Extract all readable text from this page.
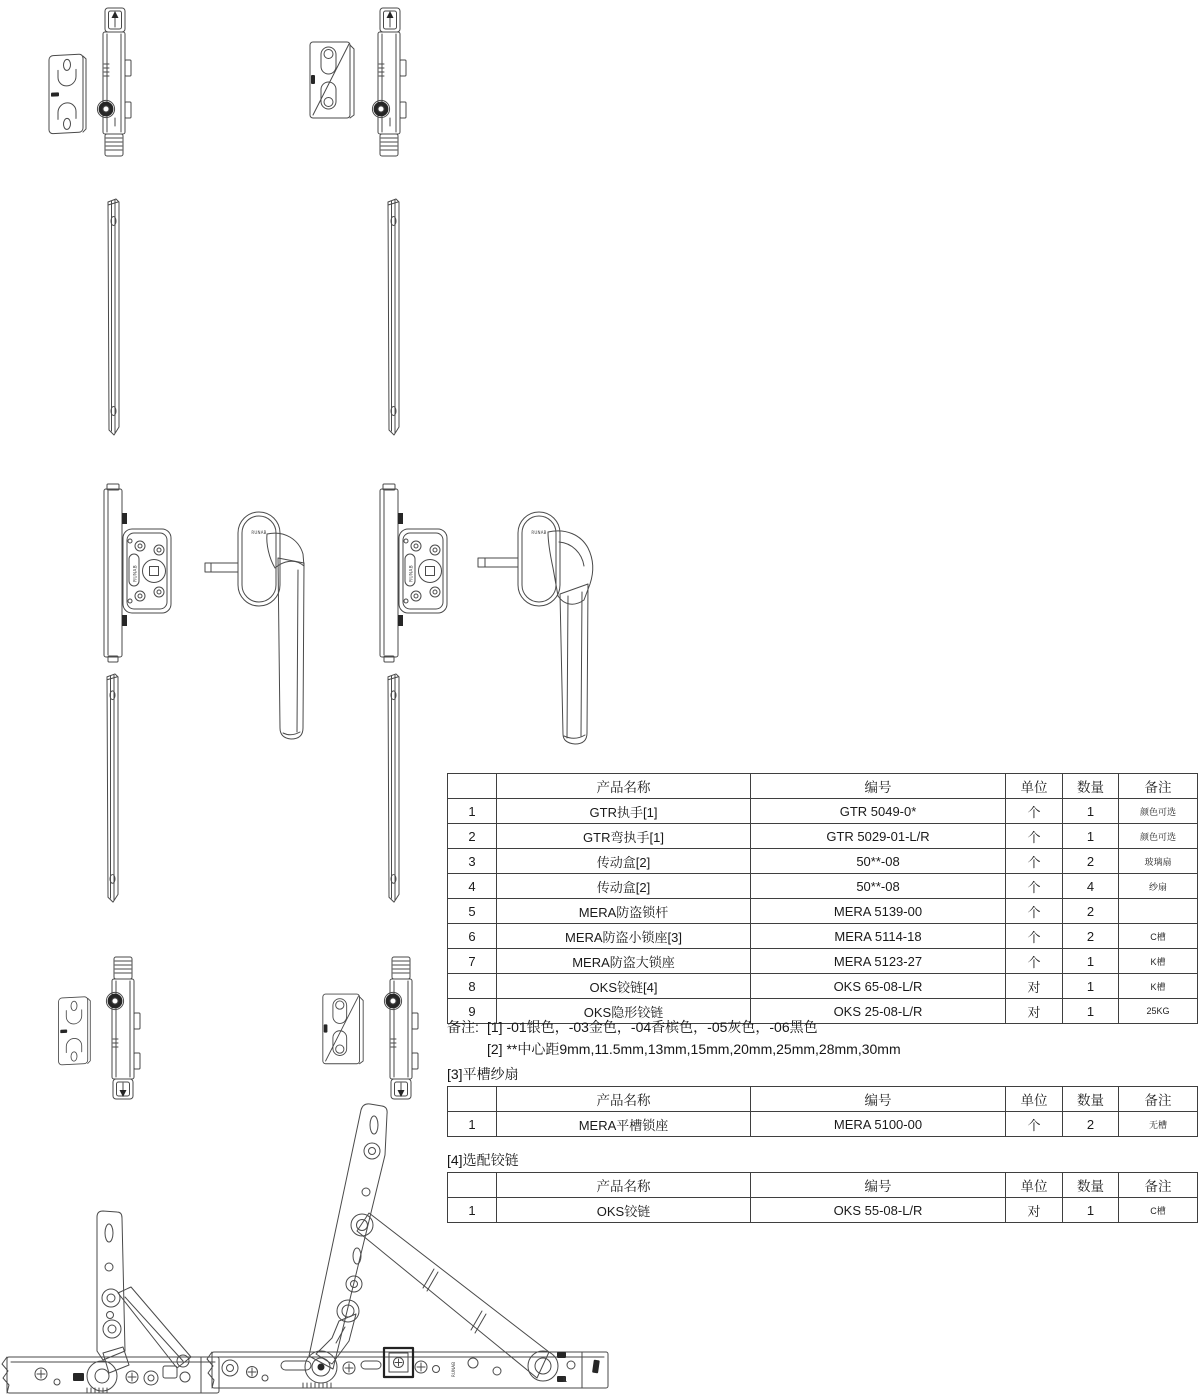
RUNAB	RUNAB
RUNAB
L
	产品名称	编号	单位	数量	备注
1	GTR执手[1]	GTR 5049-0*	个	1	颜色可选
2	GTR弯执手[1]	GTR 5029-01-L/R	个	1	颜色可选
3	传动盒[2]	50**-08	个	2	玻璃扇
4	传动盒[2]	50**-08	个	4	纱扇
5	MERA防盗锁杆	MERA 5139-00	个	2	
6	MERA防盗小锁座[3]	MERA 5114-18	个	2	C槽
7	MERA防盗大锁座	MERA 5123-27	个	1	K槽
8	OKS铰链[4]	OKS 65-08-L/R	对	1	K槽
9	OKS隐形铰链	OKS 25-08-L/R	对	1	25KG
备注: [1] -01银色，-03金色，-04香槟色，-05灰色，-06黑色
[2] **中心距9mm,11.5mm,13mm,15mm,20mm,25mm,28mm,30mm
[3]平槽纱扇
	产品名称	编号	单位	数量	备注
1	MERA平槽锁座	MERA 5100-00	个	2	无槽
[4]选配铰链
	产品名称	编号	单位	数量	备注
1	OKS铰链	OKS 55-08-L/R	对	1	C槽
